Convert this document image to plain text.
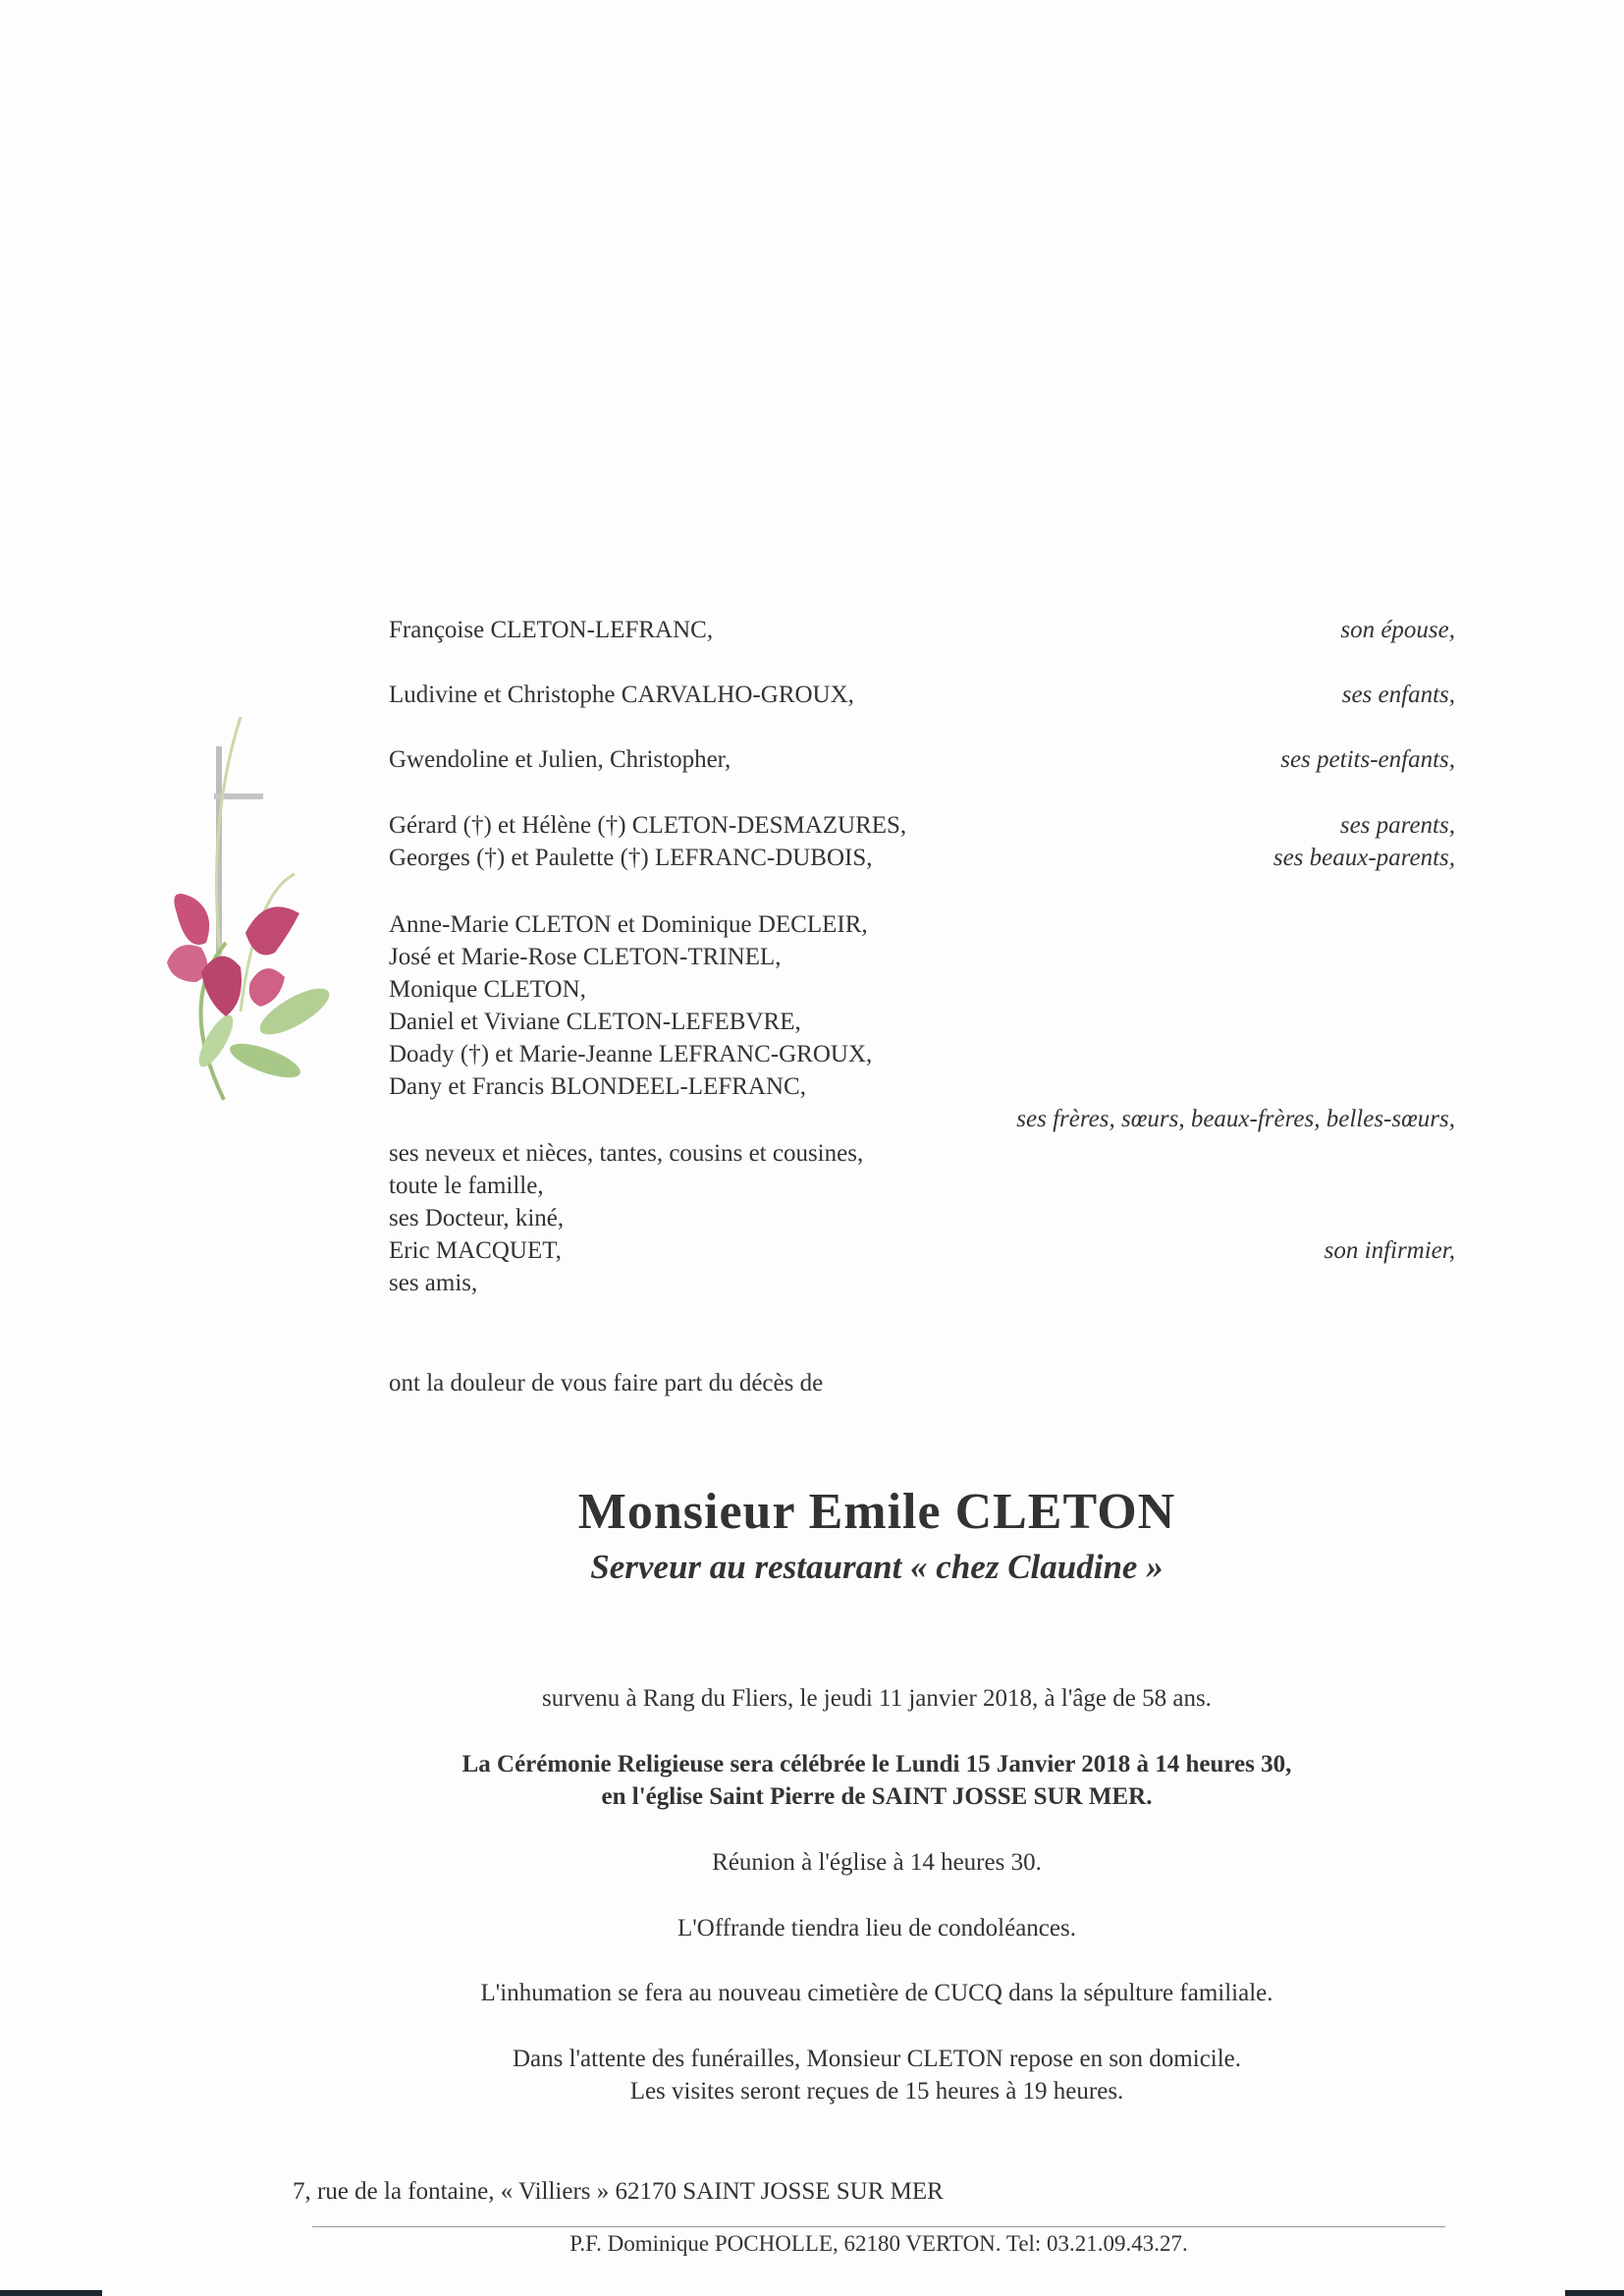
Françoise CLETON-LEFRANC,	son épouse,
Ludivine et Christophe CARVALHO-GROUX,	ses enfants,
Gwendoline et Julien, Christopher,	ses petits-enfants,
Gérard (†) et Hélène (†) CLETON-DESMAZURES,	ses parents,
Georges (†) et Paulette (†) LEFRANC-DUBOIS,	ses beaux-parents,
Anne-Marie CLETON et Dominique DECLEIR,
José et Marie-Rose CLETON-TRINEL,
Monique CLETON,
Daniel et Viviane CLETON-LEFEBVRE,
Doady (†) et Marie-Jeanne LEFRANC-GROUX,
Dany et Francis BLONDEEL-LEFRANC,
ses frères, sœurs, beaux-frères, belles-sœurs,
ses neveux et nièces, tantes, cousins et cousines,
toute le famille,
ses Docteur, kiné,
Eric MACQUET,	son infirmier,
ses amis,
ont la douleur de vous faire part du décès de
Monsieur Emile CLETON
Serveur au restaurant « chez Claudine »
survenu à Rang du Fliers, le jeudi 11 janvier 2018, à l'âge de 58 ans.
La Cérémonie Religieuse sera célébrée le Lundi 15 Janvier 2018 à 14 heures 30,
en l'église Saint Pierre de SAINT JOSSE SUR MER.
Réunion à l'église à 14 heures 30.
L'Offrande tiendra lieu de condoléances.
L'inhumation se fera au nouveau cimetière de CUCQ dans la sépulture familiale.
Dans l'attente des funérailles, Monsieur CLETON repose en son domicile.
Les visites seront reçues de 15 heures à 19 heures.
7, rue de la fontaine, « Villiers » 62170 SAINT JOSSE SUR MER
P.F. Dominique POCHOLLE, 62180 VERTON. Tel: 03.21.09.43.27.
